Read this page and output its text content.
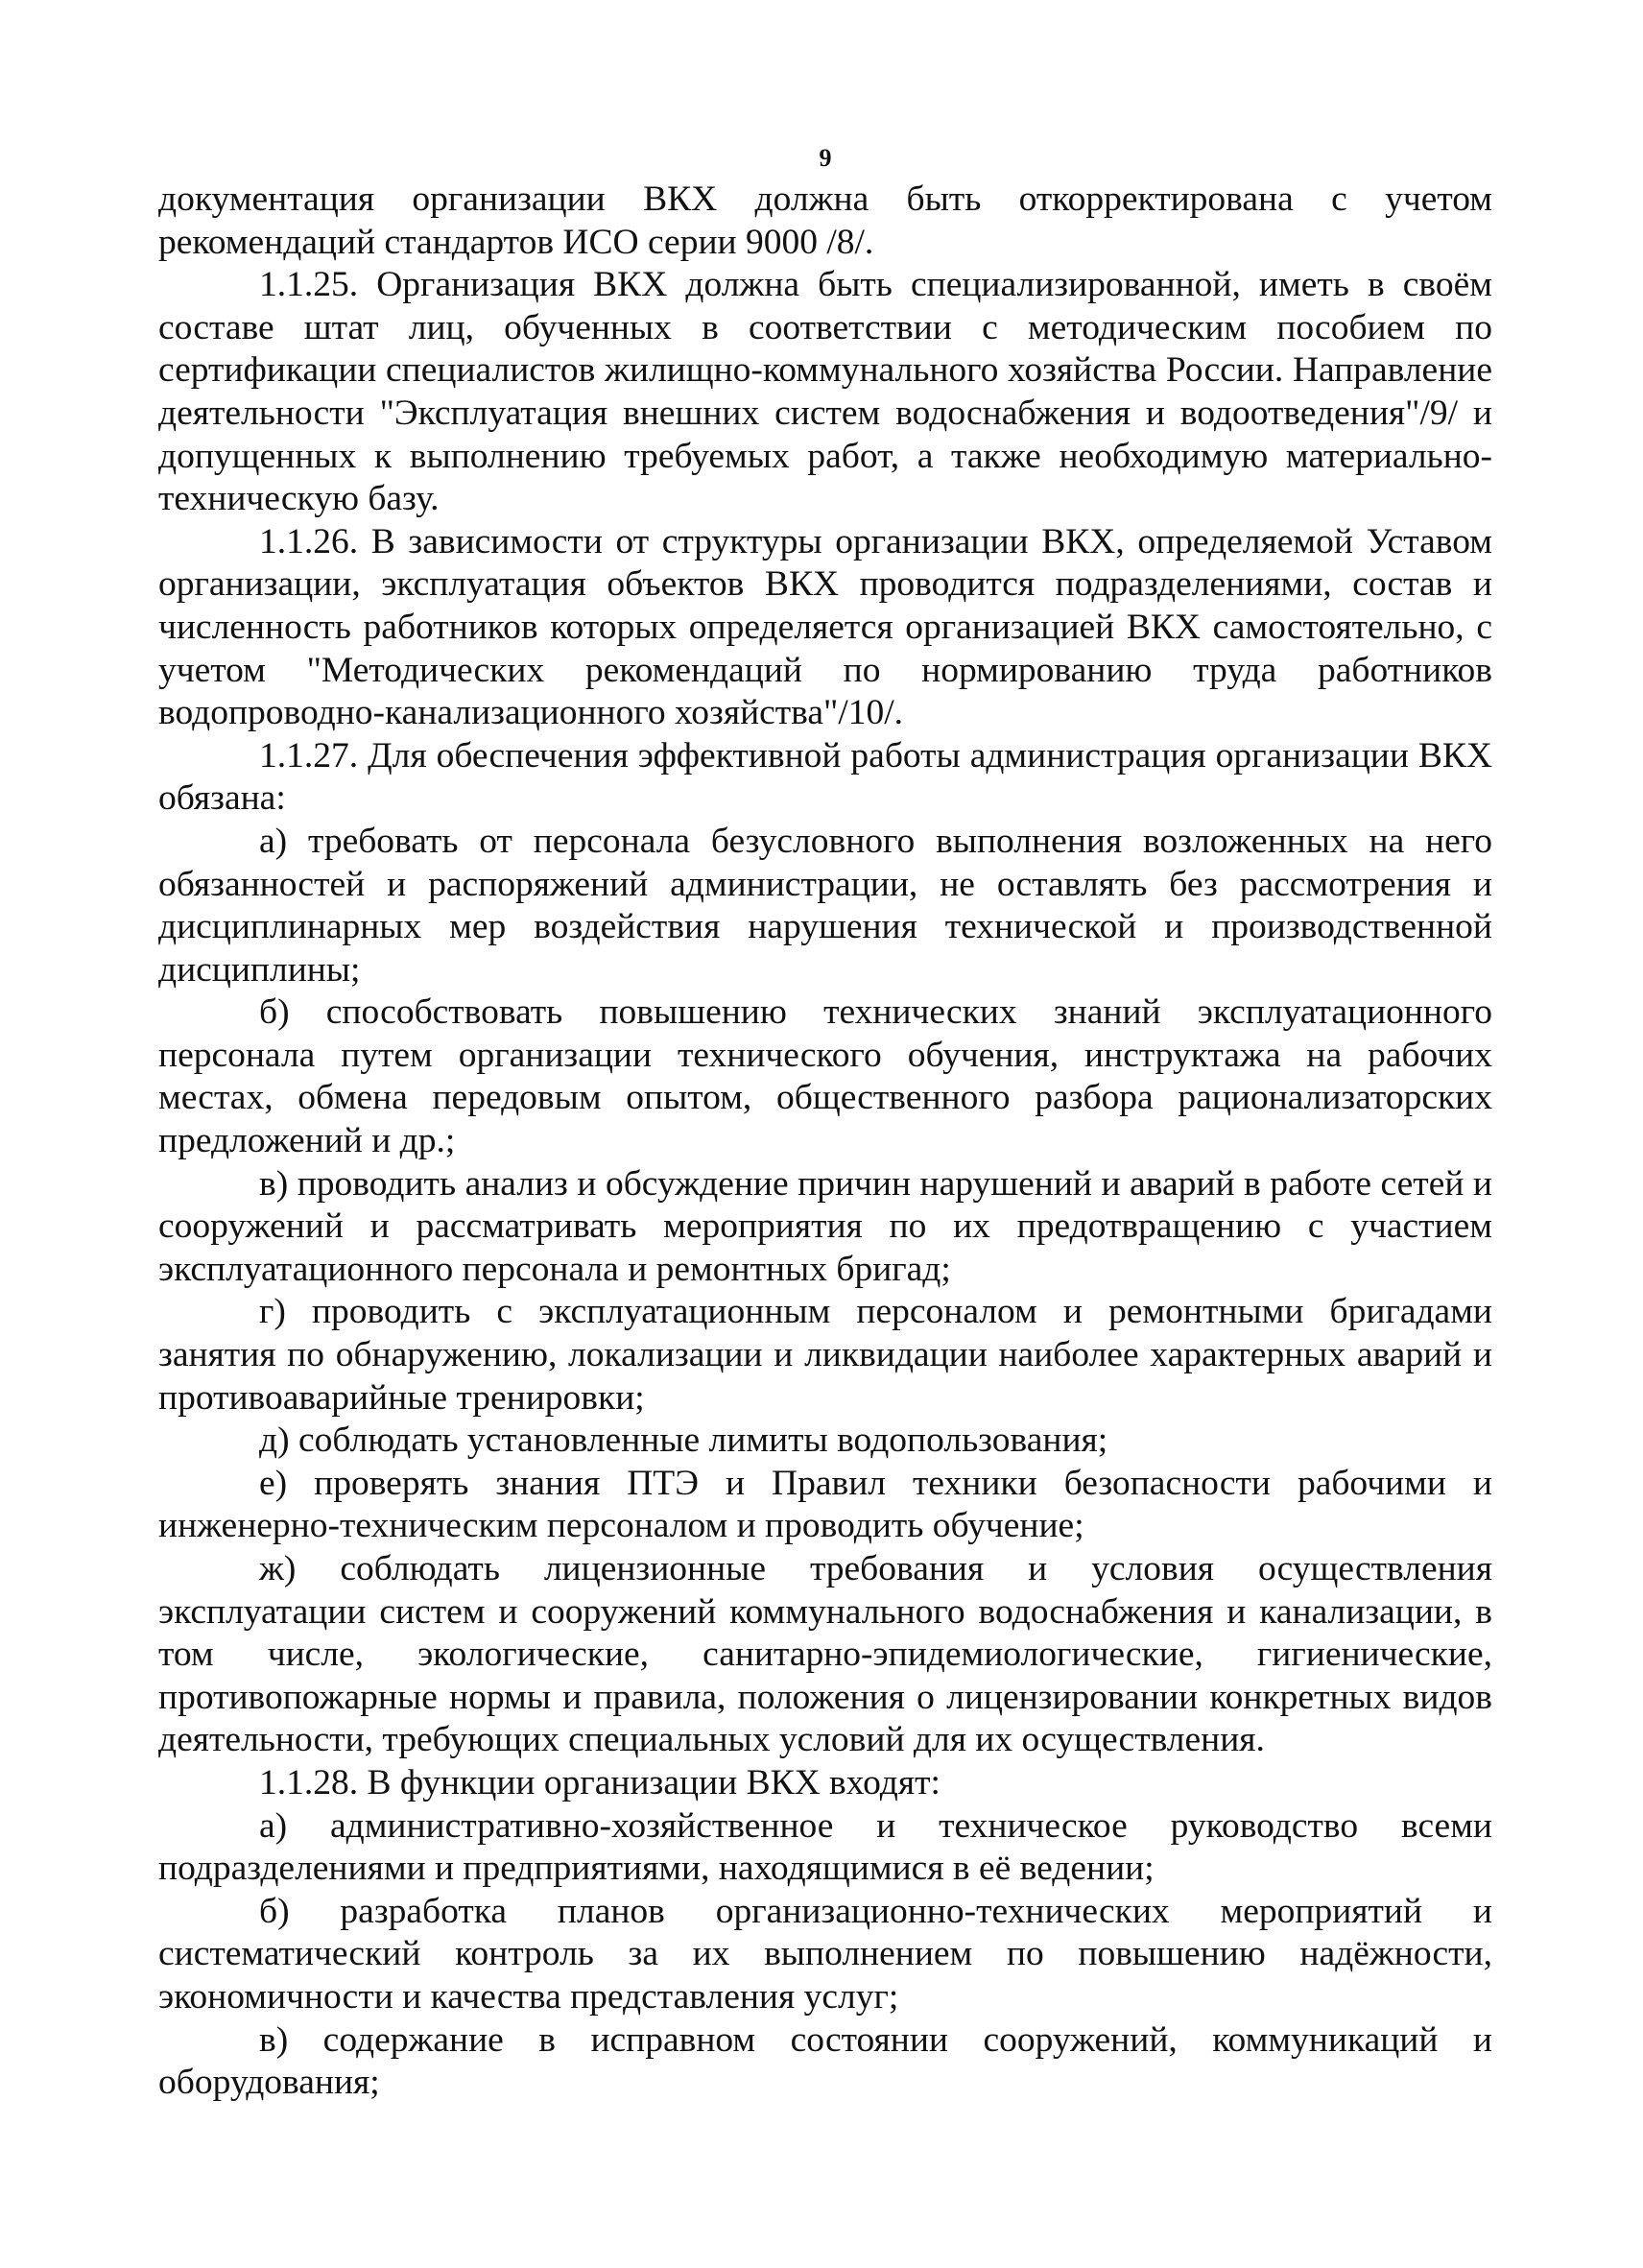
9

документация организации ВКХ должна быть откорректирована с учетом рекомендаций стандартов ИСО серии 9000 /8/.

1.1.25. Организация ВКХ должна быть специализированной, иметь в своём составе штат лиц, обученных в соответствии с методическим пособием по сертификации специалистов жилищно-коммунального хозяйства России. Направление деятельности "Эксплуатация внешних систем водоснабжения и водоотведения"/9/ и допущенных к выполнению требуемых работ, а также необходимую материально-техническую базу.

1.1.26. В зависимости от структуры организации ВКХ, определяемой Уставом организации, эксплуатация объектов ВКХ проводится подразделениями, состав и численность работников которых определяется организацией ВКХ самостоятельно, с учетом "Методических рекомендаций по нормированию труда работников водопроводно-канализационного хозяйства"/10/.

1.1.27. Для обеспечения эффективной работы администрация организации ВКХ обязана:

а) требовать от персонала безусловного выполнения возложенных на него обязанностей и распоряжений администрации, не оставлять без рассмотрения и дисциплинарных мер воздействия нарушения технической и производственной дисциплины;

б) способствовать повышению технических знаний эксплуатационного персонала путем организации технического обучения, инструктажа на рабочих местах, обмена передовым опытом, общественного разбора рационализаторских предложений и др.;

в) проводить анализ и обсуждение причин нарушений и аварий в работе сетей и сооружений и рассматривать мероприятия по их предотвращению с участием эксплуатационного персонала и ремонтных бригад;

г) проводить с эксплуатационным персоналом и ремонтными бригадами занятия по обнаружению, локализации и ликвидации наиболее характерных аварий и противоаварийные тренировки;

д) соблюдать установленные лимиты водопользования;

е) проверять знания ПТЭ и Правил техники безопасности рабочими и инженерно-техническим персоналом и проводить обучение;

ж) соблюдать лицензионные требования и условия осуществления эксплуатации систем и сооружений коммунального водоснабжения и канализации, в том числе, экологические, санитарно-эпидемиологические, гигиенические, противопожарные нормы и правила, положения о лицензировании конкретных видов деятельности, требующих специальных условий для их осуществления.

1.1.28. В функции организации ВКХ входят:

а) административно-хозяйственное и техническое руководство всеми подразделениями и предприятиями, находящимися в её ведении;

б) разработка планов организационно-технических мероприятий и систематический контроль за их выполнением по повышению надёжности, экономичности и качества представления услуг;

в) содержание в исправном состоянии сооружений, коммуникаций и оборудования;
